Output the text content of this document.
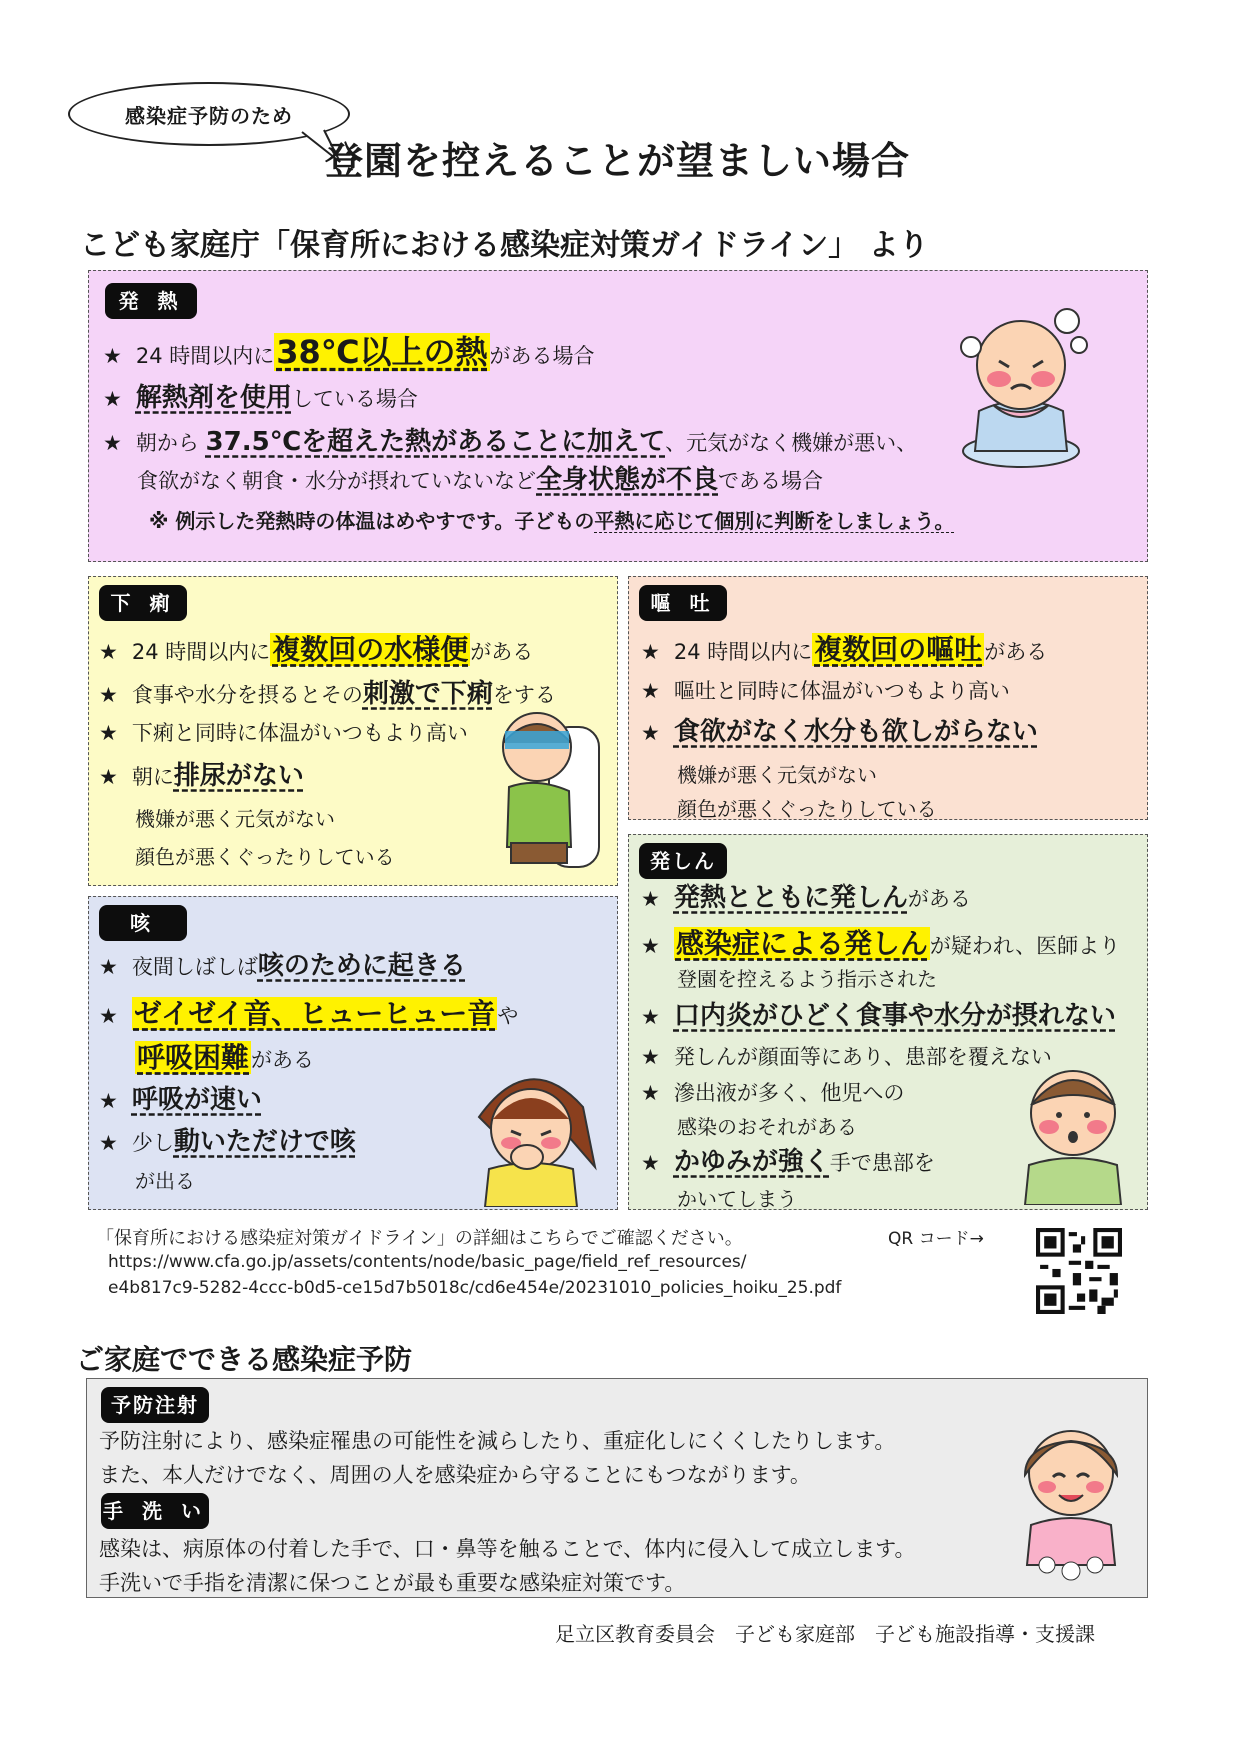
感染症予防のため
登園を控えることが望ましい場合
こども家庭庁「保育所における感染症対策ガイドライン」 より
発 熱
★ 24 時間以内に38℃以上の熱がある場合
★ 解熱剤を使用している場合
★ 朝から 37.5℃を超えた熱があることに加えて、元気がなく機嫌が悪い、
食欲がなく朝食・水分が摂れていないなど全身状態が不良である場合
※ 例示した発熱時の体温はめやすです。子どもの平熱に応じて個別に判断をしましょう。
下 痢
★ 24 時間以内に複数回の水様便がある
★ 食事や水分を摂るとその刺激で下痢をする
★ 下痢と同時に体温がいつもより高い
★ 朝に排尿がない
機嫌が悪く元気がない
顔色が悪くぐったりしている
嘔 吐
★ 24 時間以内に複数回の嘔吐がある
★ 嘔吐と同時に体温がいつもより高い
★ 食欲がなく水分も欲しがらない
機嫌が悪く元気がない
顔色が悪くぐったりしている
咳
★ 夜間しばしば咳のために起きる
★ ゼイゼイ音、ヒューヒュー音や
呼吸困難がある
★ 呼吸が速い
★ 少し動いただけで咳
が出る
発しん
★ 発熱とともに発しんがある
★ 感染症による発しんが疑われ、医師より
登園を控えるよう指示された
★ 口内炎がひどく食事や水分が摂れない
★ 発しんが顔面等にあり、患部を覆えない
★ 滲出液が多く、他児への
感染のおそれがある
★ かゆみが強く手で患部を
かいてしまう
「保育所における感染症対策ガイドライン」の詳細はこちらでご確認ください。	QR コード→
https://www.cfa.go.jp/assets/contents/node/basic_page/field_ref_resources/
e4b817c9-5282-4ccc-b0d5-ce15d7b5018c/cd6e454e/20231010_policies_hoiku_25.pdf
ご家庭でできる感染症予防
予防注射
予防注射により、感染症罹患の可能性を減らしたり、重症化しにくくしたりします。
また、本人だけでなく、周囲の人を感染症から守ることにもつながります。
手 洗 い
感染は、病原体の付着した手で、口・鼻等を触ることで、体内に侵入して成立します。
手洗いで手指を清潔に保つことが最も重要な感染症対策です。
足立区教育委員会　子ども家庭部　子ども施設指導・支援課
